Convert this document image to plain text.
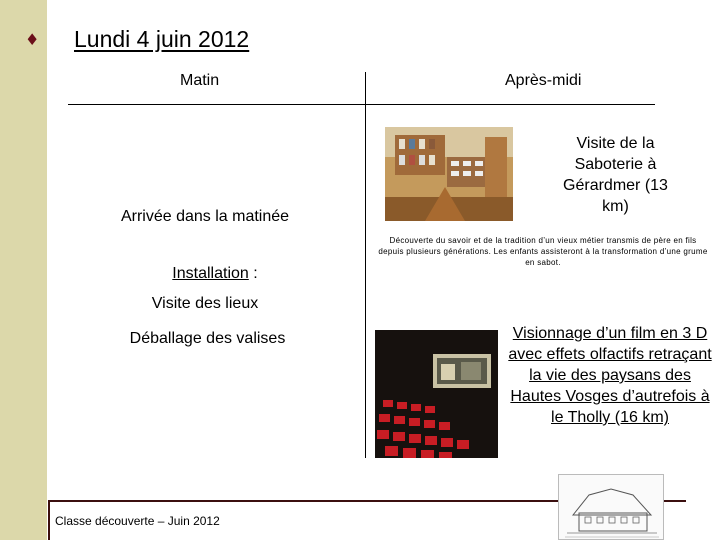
♦ Lundi 4 juin 2012
Matin	Après-midi
Arrivée dans la matinée
Installation :
Visite des lieux
Déballage des valises
Visite de la Saboterie à Gérardmer (13 km)
Découverte du savoir et de la tradition d’un vieux métier transmis de père en fils depuis plusieurs générations. Les enfants assisteront à la transformation d’une grume en sabot.
Visionnage d’un film en 3 D avec effets olfactifs retraçant la vie des paysans des Hautes Vosges d’autrefois à le Tholly (16 km)
Classe découverte – Juin 2012
